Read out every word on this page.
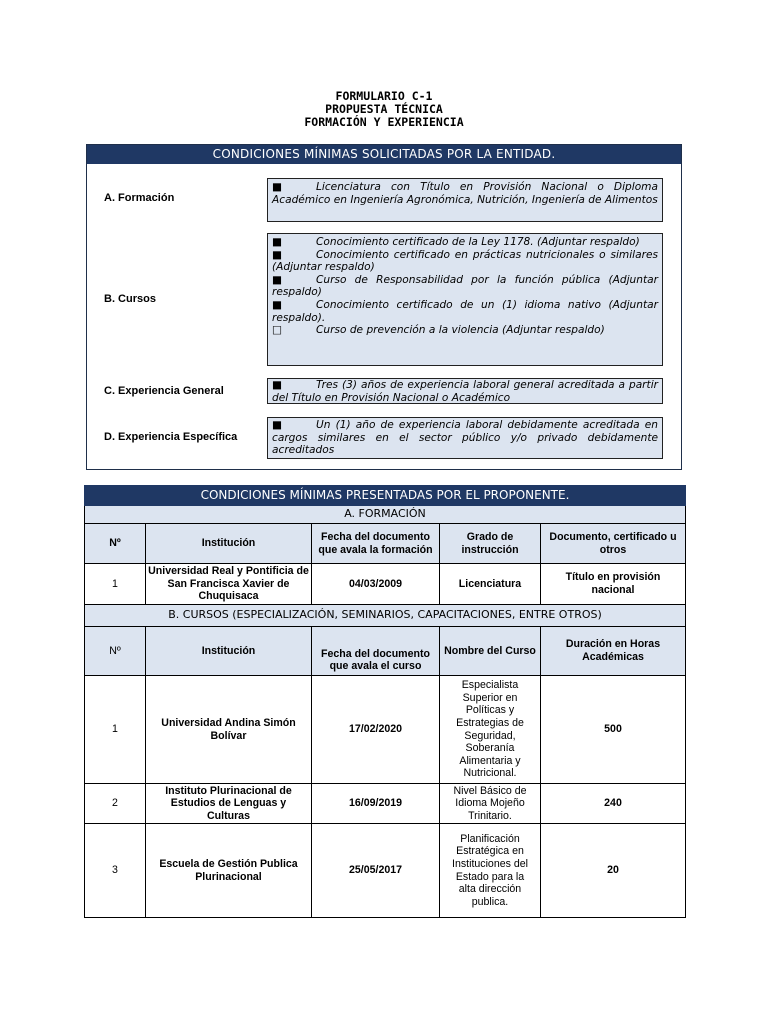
FORMULARIO C-1
PROPUESTA TÉCNICA
FORMACIÓN Y EXPERIENCIA
CONDICIONES MÍNIMAS SOLICITADAS POR LA ENTIDAD.
A. Formación
■	Licenciatura con Título en Provisión Nacional o Diploma Académico en Ingeniería Agronómica, Nutrición, Ingeniería de Alimentos
B. Cursos
■	Conocimiento certificado de la Ley 1178. (Adjuntar respaldo)
■	Conocimiento certificado en prácticas nutricionales o similares (Adjuntar respaldo)
■	Curso de Responsabilidad por la función pública (Adjuntar respaldo)
■	Conocimiento certificado de un (1) idioma nativo (Adjuntar respaldo).
□	Curso de prevención a la violencia (Adjuntar respaldo)
C. Experiencia General	■	Tres (3) años de experiencia laboral general acreditada a partir del Título en Provisión Nacional o Académico
D. Experiencia Específica
■	Un (1) año de experiencia laboral debidamente acreditada en cargos similares en el sector público y/o privado debidamente acreditados
CONDICIONES MÍNIMAS PRESENTADAS POR EL PROPONENTE.				
A. FORMACIÓN				
Nº	Institución	Fecha del documento que avala la formación	Grado de instrucción	Documento, certificado u otros
1	Universidad Real y Pontificia de San Francisca Xavier de Chuquisaca	04/03/2009	Licenciatura	Título en provisión nacional
B. CURSOS (ESPECIALIZACIÓN, SEMINARIOS, CAPACITACIONES, ENTRE OTROS)				
Nº	Institución	Fecha del documento que avala el curso	Nombre del Curso	Duración en Horas Académicas
1	Universidad Andina Simón Bolívar	17/02/2020	Especialista Superior en Políticas y Estrategias de Seguridad, Soberanía Alimentaria y Nutricional.	500
2	Instituto Plurinacional de Estudios de Lenguas y Culturas	16/09/2019	Nivel Básico de Idioma Mojeño Trinitario.	240
3	Escuela de Gestión Publica Plurinacional	25/05/2017	Planificación Estratégica en Instituciones del Estado para la alta dirección publica.	20
